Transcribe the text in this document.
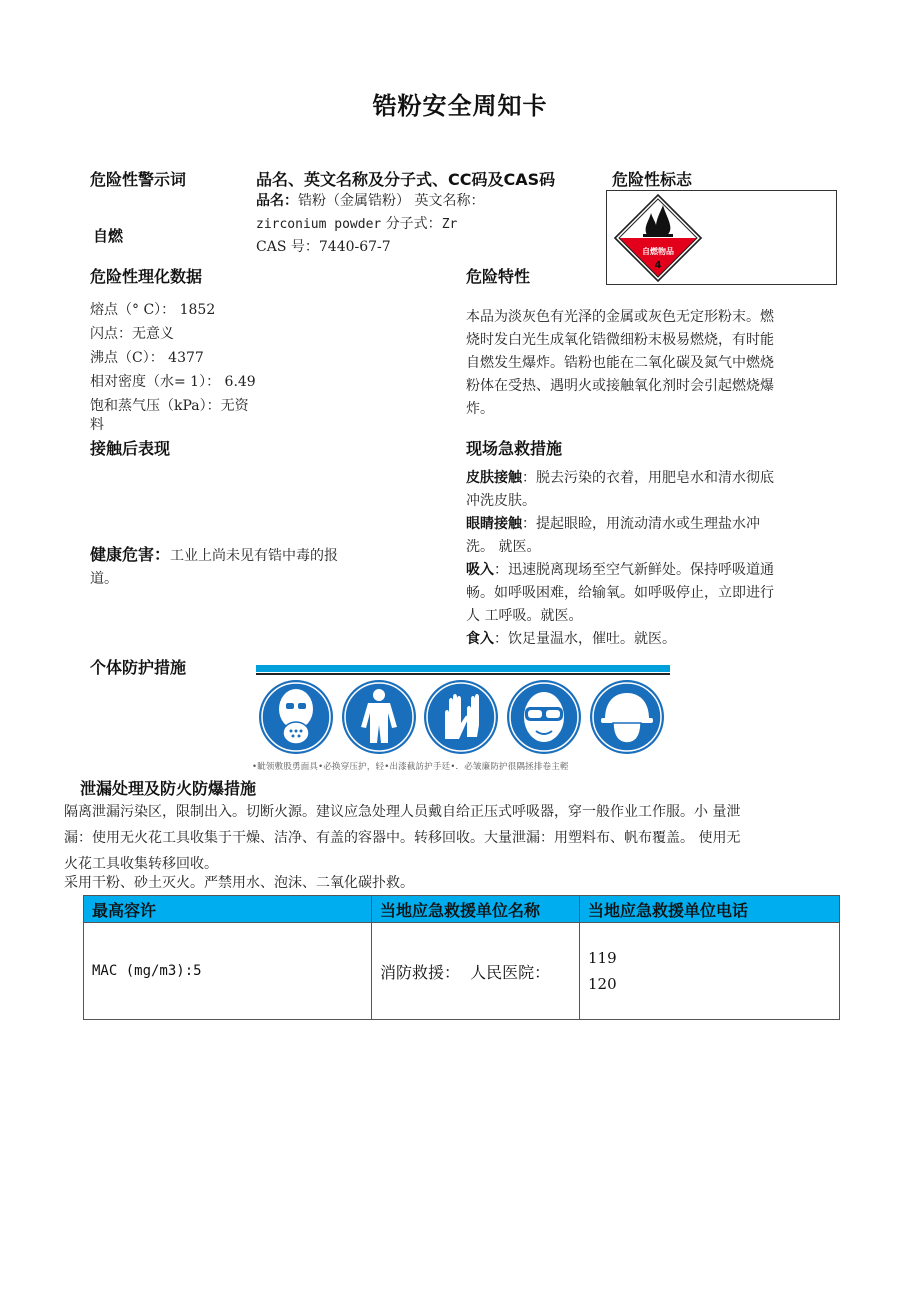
锆粉安全周知卡
危险性警示词	品名、英文名称及分子式、CC码及CAS码	危险性标志
自燃
品名：锆粉（金属锆粉） 英文名称：
zirconium powder 分子式：Zr
CAS 号：7440-67-7	自燃物品
4
危险性理化数据	危险特性
熔点（° C）： 1852
闪点：无意义
沸点（C）： 4377
相对密度（水= 1）： 6.49
饱和蒸气压（kPa）：无资
料
本品为淡灰色有光泽的金属或灰色无定形粉末。燃
烧时发白光生成氧化锆微细粉末极易燃烧，有时能
自燃发生爆炸。锆粉也能在二氧化碳及氮气中燃烧
粉体在受热、遇明火或接触氧化剂时会引起燃烧爆
炸。
接触后表现	现场急救措施
健康危害：工业上尚未见有锆中毒的报
道。
皮肤接触：脱去污染的衣着，用肥皂水和清水彻底
冲洗皮肤。
眼睛接触：提起眼睑，用流动清水或生理盐水冲
洗。 就医。
吸入：迅速脱离现场至空气新鲜处。保持呼吸道通
畅。如呼吸困难，给输氧。如呼吸停止，立即进行
人 工呼吸。就医。
食入：饮足量温水，催吐。就医。
个体防护措施
•眦领敷股勇面具•必换穿压护，轻•出漆截訪护手廷•．必皱廉防护很隅拯排卷主輕
泄漏处理及防火防爆措施
隔离泄漏污染区，限制出入。切断火源。建议应急处理人员戴自给正压式呼吸器，穿一般作业工作服。小 量泄
漏：使用无火花工具收集于干燥、洁净、有盖的容器中。转移回收。大量泄漏：用塑料布、帆布覆盖。 使用无
火花工具收集转移回收。
采用干粉、砂土灭火。严禁用水、泡沫、二氧化碳扑救。
最高容许	当地应急救援单位名称	当地应急救援单位电话
MAC (mg/m3):5	消防救援：  人民医院：	119
120
